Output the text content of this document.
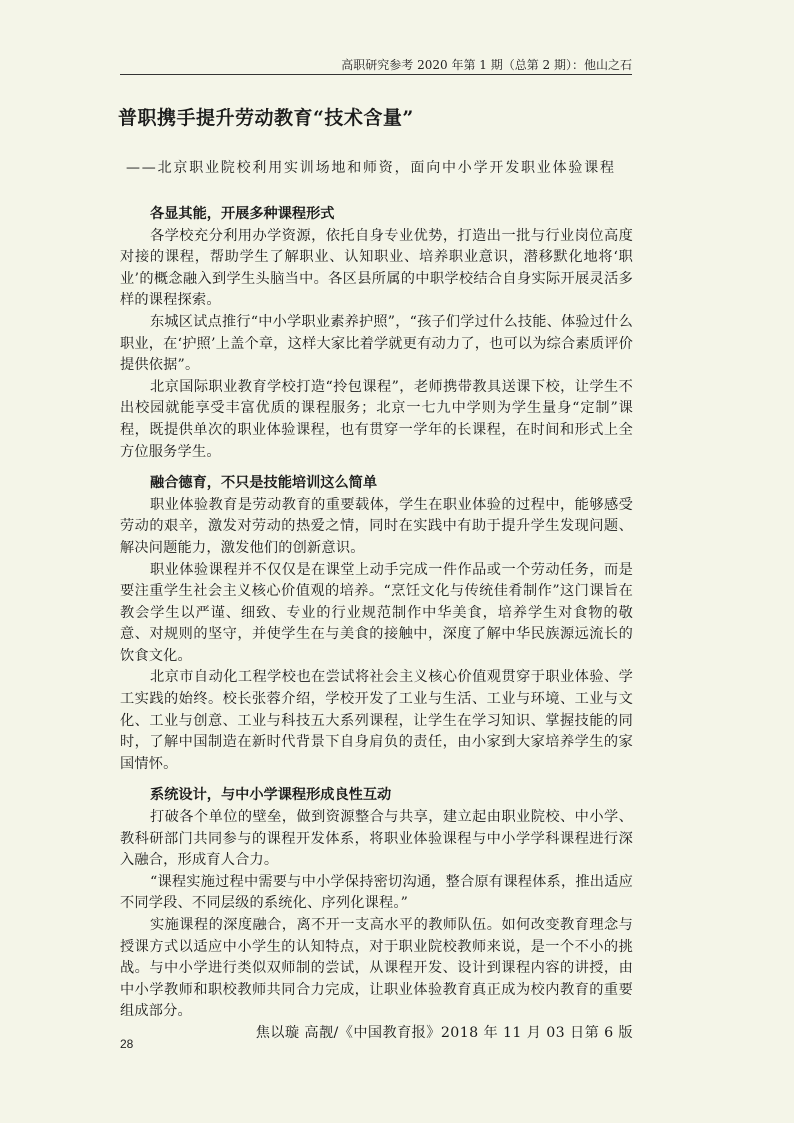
高职研究参考 2020 年第 1 期（总第 2 期）：他山之石
普职携手提升劳动教育“技术含量”
——北京职业院校利用实训场地和师资，面向中小学开发职业体验课程

各显其能，开展多种课程形式

各学校充分利用办学资源，依托自身专业优势，打造出一批与行业岗位高度对接的课程，帮助学生了解职业、认知职业、培养职业意识，潜移默化地将‘职业’的概念融入到学生头脑当中。各区县所属的中职学校结合自身实际开展灵活多样的课程探索。

东城区试点推行“中小学职业素养护照”，“孩子们学过什么技能、体验过什么职业，在‘护照’上盖个章，这样大家比着学就更有动力了，也可以为综合素质评价提供依据”。

北京国际职业教育学校打造“拎包课程”，老师携带教具送课下校，让学生不出校园就能享受丰富优质的课程服务；北京一七九中学则为学生量身“定制”课程，既提供单次的职业体验课程，也有贯穿一学年的长课程，在时间和形式上全方位服务学生。

融合德育，不只是技能培训这么简单

职业体验教育是劳动教育的重要载体，学生在职业体验的过程中，能够感受劳动的艰辛，激发对劳动的热爱之情，同时在实践中有助于提升学生发现问题、解决问题能力，激发他们的创新意识。

职业体验课程并不仅仅是在课堂上动手完成一件作品或一个劳动任务，而是要注重学生社会主义核心价值观的培养。“烹饪文化与传统佳肴制作”这门课旨在教会学生以严谨、细致、专业的行业规范制作中华美食，培养学生对食物的敬意、对规则的坚守，并使学生在与美食的接触中，深度了解中华民族源远流长的饮食文化。

北京市自动化工程学校也在尝试将社会主义核心价值观贯穿于职业体验、学工实践的始终。校长张蓉介绍，学校开发了工业与生活、工业与环境、工业与文化、工业与创意、工业与科技五大系列课程，让学生在学习知识、掌握技能的同时，了解中国制造在新时代背景下自身肩负的责任，由小家到大家培养学生的家国情怀。

系统设计，与中小学课程形成良性互动

打破各个单位的壁垒，做到资源整合与共享，建立起由职业院校、中小学、教科研部门共同参与的课程开发体系，将职业体验课程与中小学学科课程进行深入融合，形成育人合力。

“课程实施过程中需要与中小学保持密切沟通，整合原有课程体系，推出适应不同学段、不同层级的系统化、序列化课程。”

实施课程的深度融合，离不开一支高水平的教师队伍。如何改变教育理念与授课方式以适应中小学生的认知特点，对于职业院校教师来说，是一个不小的挑战。与中小学进行类似双师制的尝试，从课程开发、设计到课程内容的讲授，由中小学教师和职校教师共同合力完成，让职业体验教育真正成为校内教育的重要组成部分。

焦以璇 高靓/《中国教育报》2018 年 11 月 03 日第 6 版

28
